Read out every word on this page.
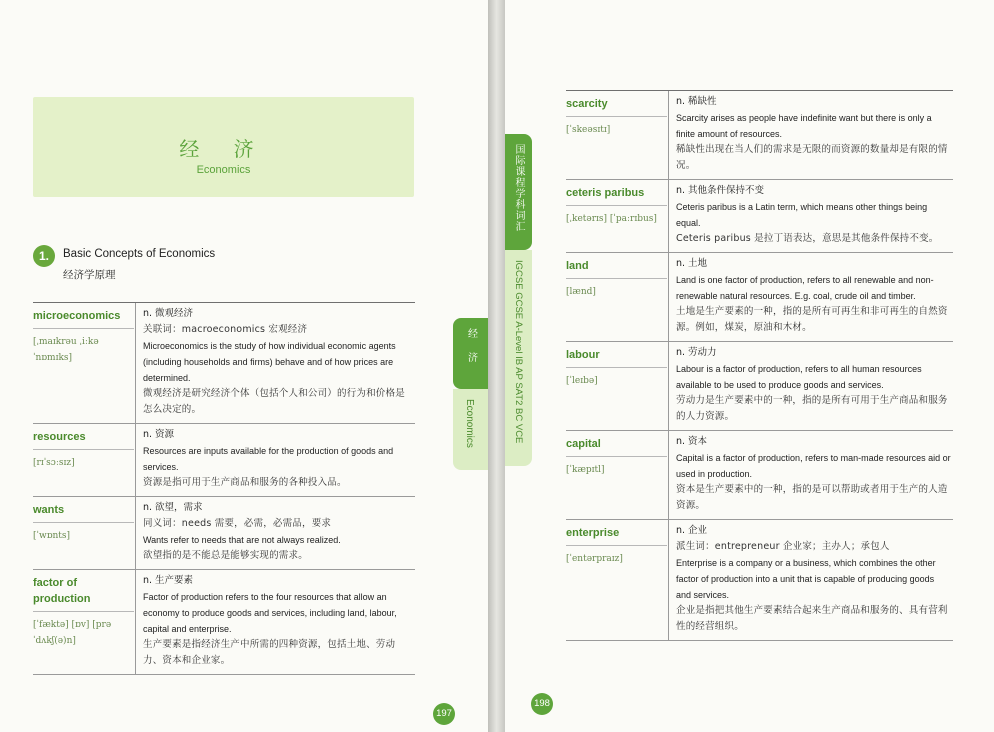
经 济
Economics
1.	Basic Concepts of Economics
经济学原理
microeconomics
[ˌmaɪkrəu ˌiːkəˈnɒmɪks]
n. 微观经济
关联词：macroeconomics 宏观经济
Microeconomics is the study of how individual economic agents (including households and firms) behave and of how prices are determined.
微观经济是研究经济个体（包括个人和公司）的行为和价格是怎么决定的。
resources
[rɪˈsɔːsɪz]
n. 资源
Resources are inputs available for the production of goods and services.
资源是指可用于生产商品和服务的各种投入品。
wants
[ˈwɒnts]
n. 欲望，需求
同义词：needs 需要，必需，必需品，要求
Wants refer to needs that are not always realized.
欲望指的是不能总是能够实现的需求。
factor of production
[ˈfæktə] [ɒv] [prəˈdʌkʃ(ə)n]
n. 生产要素
Factor of production refers to the four resources that allow an economy to produce goods and services, including land, labour, capital and enterprise.
生产要素是指经济生产中所需的四种资源，包括土地、劳动力、资本和企业家。
经济
Economics
197
198
国际课程学科词汇
IGCSE GCSE A-Level IB AP SAT2 BC VCE
scarcity
[ˈskeəsɪtɪ]
n. 稀缺性
Scarcity arises as people have indefinite want but there is only a finite amount of resources.
稀缺性出现在当人们的需求是无限的而资源的数量却是有限的情况。
ceteris paribus
[ˌketərɪs] [ˈpaːrɪbus]
n. 其他条件保持不变
Ceteris paribus is a Latin term, which means other things being equal.
Ceteris paribus 是拉丁语表达，意思是其他条件保持不变。
land
[lænd]
n. 土地
Land is one factor of production, refers to all renewable and non-renewable natural resources. E.g. coal, crude oil and timber.
土地是生产要素的一种，指的是所有可再生和非可再生的自然资源。例如，煤炭，原油和木材。
labour
[ˈleɪbə]
n. 劳动力
Labour is a factor of production, refers to all human resources available to be used to produce goods and services.
劳动力是生产要素中的一种，指的是所有可用于生产商品和服务的人力资源。
capital
[ˈkæpɪtl]
n. 资本
Capital is a factor of production, refers to man-made resources aid or used in production.
资本是生产要素中的一种，指的是可以帮助或者用于生产的人造资源。
enterprise
[ˈentərpraɪz]
n. 企业
派生词：entrepreneur 企业家；主办人；承包人
Enterprise is a company or a business, which combines the other factor of production into a unit that is capable of producing goods and services.
企业是指把其他生产要素结合起来生产商品和服务的、具有营利性的经营组织。
